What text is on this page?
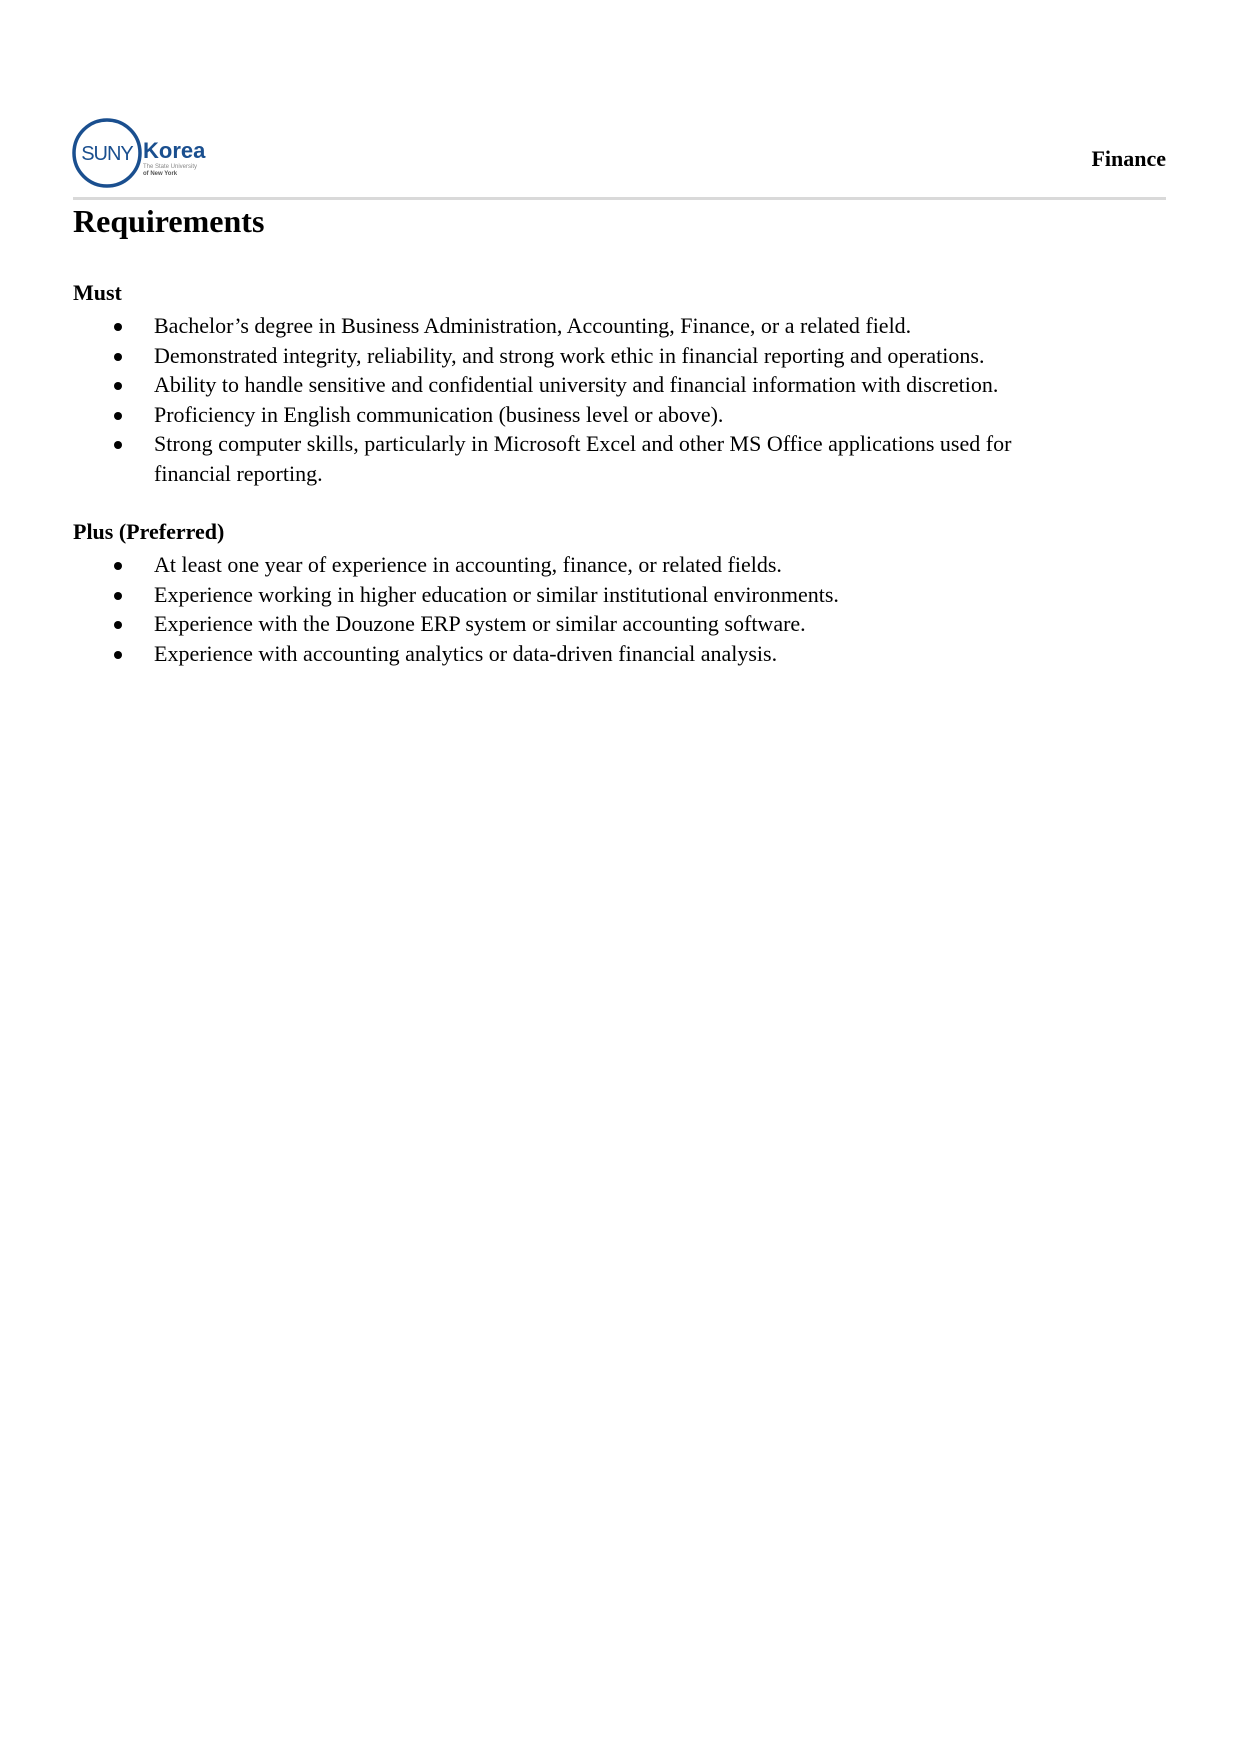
SUNY Korea
The State University
of New York
Finance
Requirements
Must
Bachelor’s degree in Business Administration, Accounting, Finance, or a related field.
Demonstrated integrity, reliability, and strong work ethic in financial reporting and operations.
Ability to handle sensitive and confidential university and financial information with discretion.
Proficiency in English communication (business level or above).
Strong computer skills, particularly in Microsoft Excel and other MS Office applications used for financial reporting.
Plus (Preferred)
At least one year of experience in accounting, finance, or related fields.
Experience working in higher education or similar institutional environments.
Experience with the Douzone ERP system or similar accounting software.
Experience with accounting analytics or data-driven financial analysis.
